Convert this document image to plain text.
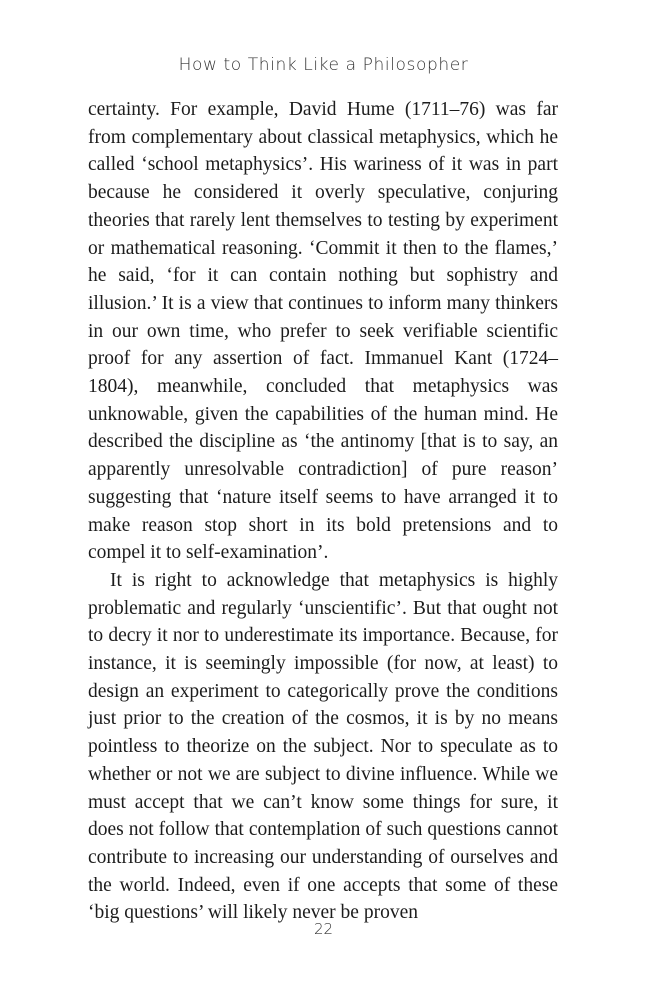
How to Think Like a Philosopher

certainty. For example, David Hume (1711–76) was far from complementary about classical metaphysics, which he called ‘school metaphysics’. His wariness of it was in part because he considered it overly speculative, conjuring theories that rarely lent themselves to testing by experiment or mathematical reasoning. ‘Commit it then to the flames,’ he said, ‘for it can contain nothing but sophistry and illusion.’ It is a view that continues to inform many thinkers in our own time, who prefer to seek verifiable scientific proof for any assertion of fact. Immanuel Kant (1724–1804), meanwhile, concluded that metaphysics was unknowable, given the capabilities of the human mind. He described the discipline as ‘the antinomy [that is to say, an apparently unresolvable contradiction] of pure reason’ suggesting that ‘nature itself seems to have arranged it to make reason stop short in its bold pretensions and to compel it to self-examination’.

It is right to acknowledge that metaphysics is highly problematic and regularly ‘unscientific’. But that ought not to decry it nor to underestimate its importance. Because, for instance, it is seemingly impossible (for now, at least) to design an experiment to categorically prove the conditions just prior to the creation of the cosmos, it is by no means pointless to theorize on the subject. Nor to speculate as to whether or not we are subject to divine influence. While we must accept that we can’t know some things for sure, it does not follow that contemplation of such questions cannot contribute to increasing our understanding of ourselves and the world. Indeed, even if one accepts that some of these ‘big questions’ will likely never be proven

22
